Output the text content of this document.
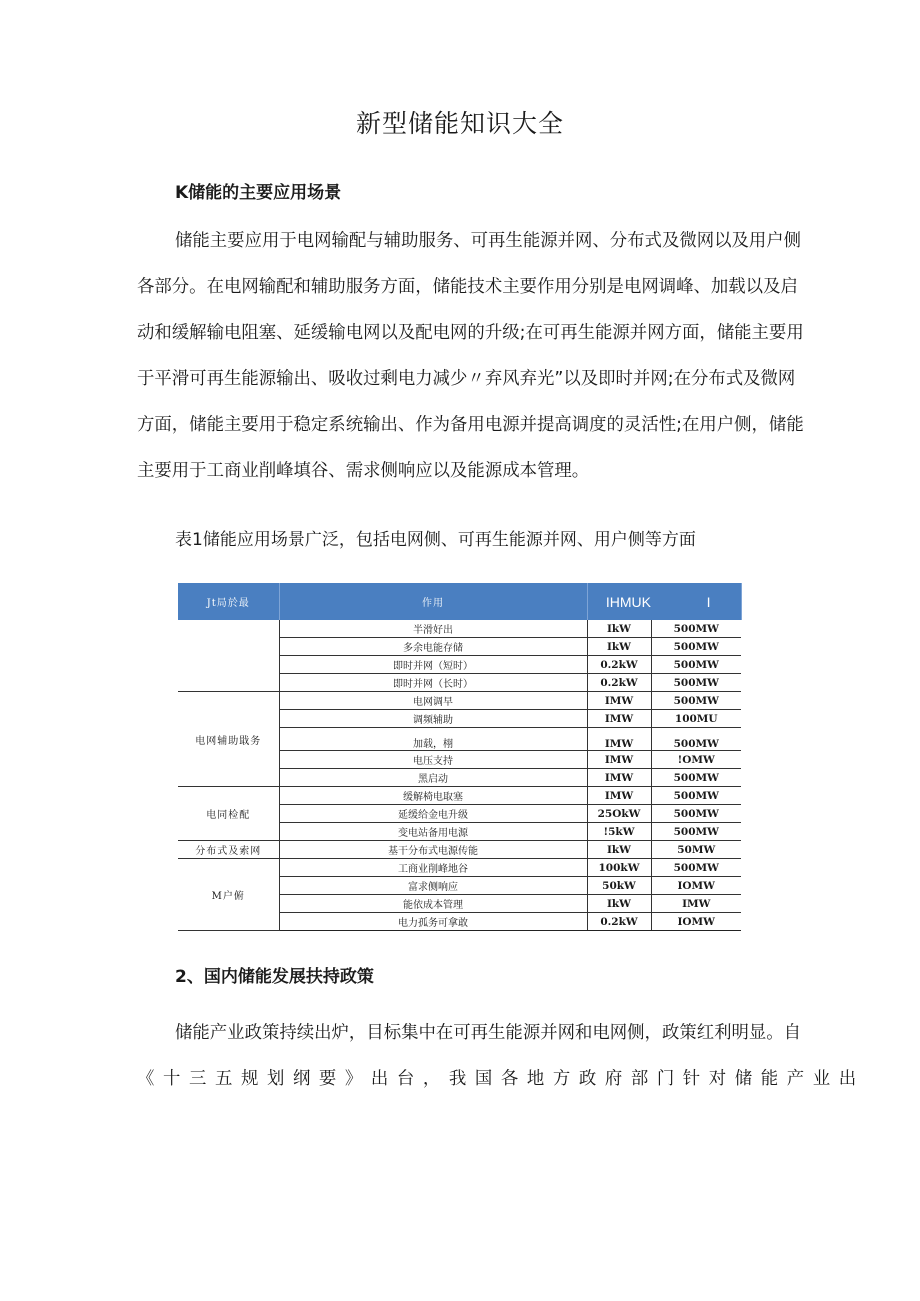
新型储能知识大全
K储能的主要应用场景

储能主要应用于电网输配与辅助服务、可再生能源并网、分布式及微网以及用户侧
各部分。在电网输配和辅助服务方面，储能技术主要作用分别是电网调峰、加载以及启
动和缓解输电阻塞、延缓输电网以及配电网的升级;在可再生能源并网方面，储能主要用
于平滑可再生能源输出、吸收过剩电力减少〃弃风弃光”以及即时并网;在分布式及微网
方面，储能主要用于稳定系统输出、作为备用电源并提高调度的灵活性;在用户侧，储能
主要用于工商业削峰填谷、需求侧响应以及能源成本管理。

表1储能应用场景广泛，包括电网侧、可再生能源并网、用户侧等方面

Jt局於最	作用	IHMUK	I
	半滑好出	IkW	500MW
	多余电能存储	IkW	500MW
	即时并网（短时）	0.2kW	500MW
	即时并网（长时）	0.2kW	500MW
电网辅助戢务	电网调早	IMW	500MW
	调频辅助	IMW	100MU
	加载，栩	IMW	500MW
	电压支持	IMW	!OMW
	黑启动	IMW	500MW
电同检配	缓解椅电取塞	IMW	500MW
	延缓给金电升级	25OkW	500MW
	变电站备用电源	!5kW	500MW
分布式及索网	基干分布式电源传能	IkW	50MW
M户俯	工商业削峰地谷	100kW	500MW
	富求侧响应	50kW	IOMW
	能依成本管理	IkW	IMW
	电力孤务可拿敢	0.2kW	IOMW
2、国内储能发展扶持政策

储能产业政策持续出炉，目标集中在可再生能源并网和电网侧，政策红利明显。自
《十三五规划纲要》出台，我国各地方政府部门针对储能产业出
